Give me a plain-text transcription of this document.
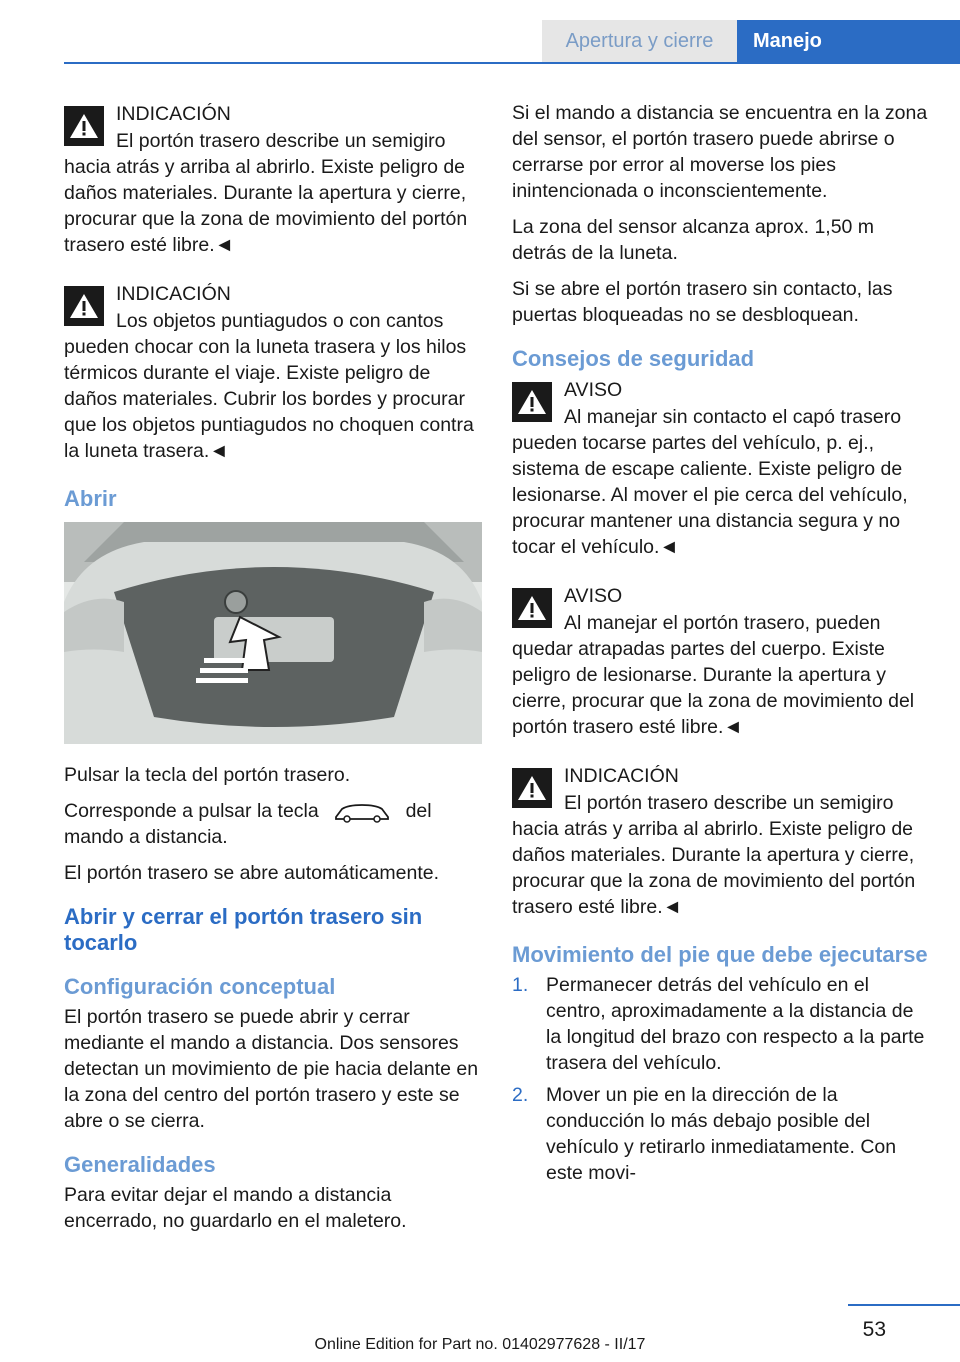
Apertura y cierre	Manejo
INDICACIÓN
El portón trasero describe un semigiro hacia atrás y arriba al abrirlo. Existe peligro de daños materiales. Durante la apertura y cierre, procurar que la zona de movimiento del portón trasero esté libre.◄
INDICACIÓN
Los objetos puntiagudos o con cantos pueden chocar con la luneta trasera y los hilos térmicos durante el viaje. Existe peligro de daños materiales. Cubrir los bordes y procurar que los objetos puntiagudos no choquen contra la luneta trasera.◄
Abrir

Pulsar la tecla del portón trasero.

Corresponde a pulsar la tecla	del mando a distancia.

El portón trasero se abre automáticamente.

Abrir y cerrar el portón trasero sin tocarlo
Configuración conceptual

El portón trasero se puede abrir y cerrar mediante el mando a distancia. Dos sensores detectan un movimiento de pie hacia delante en la zona del centro del portón trasero y este se abre o se cierra.

Generalidades

Para evitar dejar el mando a distancia encerrado, no guardarlo en el maletero.

Si el mando a distancia se encuentra en la zona del sensor, el portón trasero puede abrirse o cerrarse por error al moverse los pies inintencionada o inconscientemente.

La zona del sensor alcanza aprox. 1,50 m detrás de la luneta.

Si se abre el portón trasero sin contacto, las puertas bloqueadas no se desbloquean.

Consejos de seguridad
AVISO
Al manejar sin contacto el capó trasero pueden tocarse partes del vehículo, p. ej., sistema de escape caliente. Existe peligro de lesionarse. Al mover el pie cerca del vehículo, procurar mantener una distancia segura y no tocar el vehículo.◄
AVISO
Al manejar el portón trasero, pueden quedar atrapadas partes del cuerpo. Existe peligro de lesionarse. Durante la apertura y cierre, procurar que la zona de movimiento del portón trasero esté libre.◄
INDICACIÓN
El portón trasero describe un semigiro hacia atrás y arriba al abrirlo. Existe peligro de daños materiales. Durante la apertura y cierre, procurar que la zona de movimiento del portón trasero esté libre.◄
Movimiento del pie que debe ejecutarse
1. Permanecer detrás del vehículo en el centro, aproximadamente a la distancia de la longitud del brazo con respecto a la parte trasera del vehículo.
2. Mover un pie en la dirección de la conducción lo más debajo posible del vehículo y retirarlo inmediatamente. Con este movi-
53
Online Edition for Part no. 01402977628 - II/17
